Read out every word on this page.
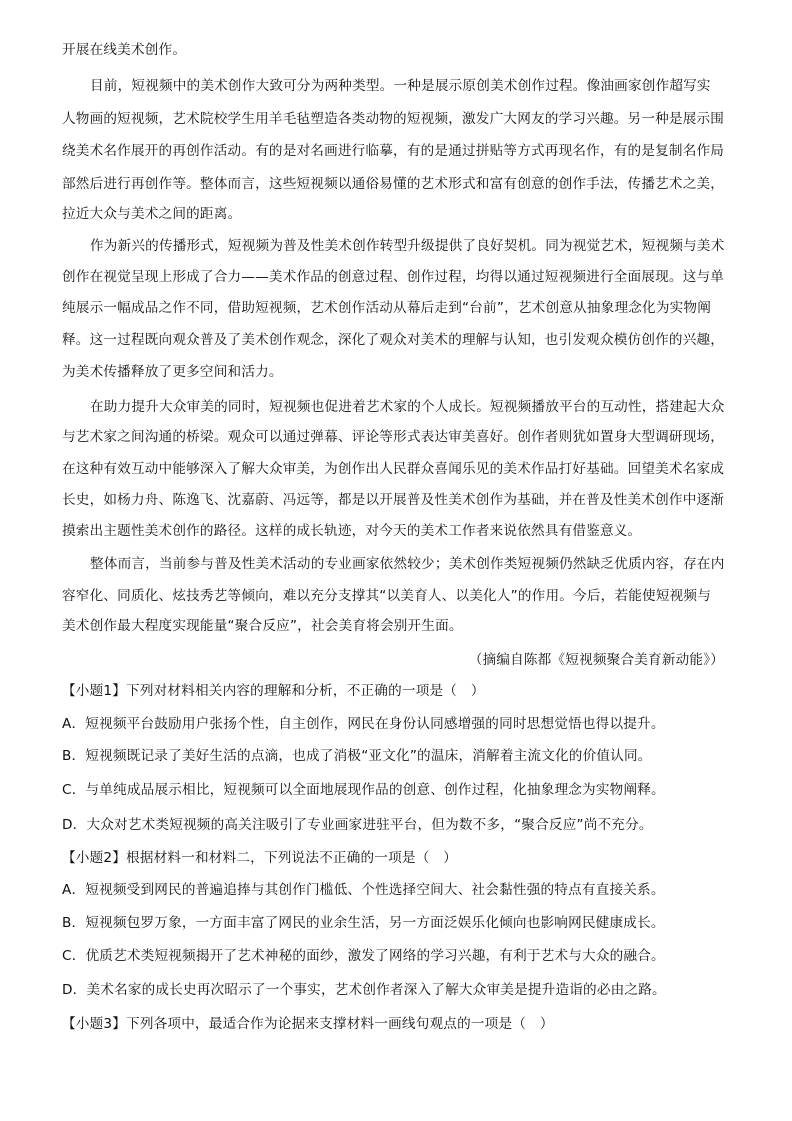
开展在线美术创作。
目前，短视频中的美术创作大致可分为两种类型。一种是展示原创美术创作过程。像油画家创作超写实
人物画的短视频，艺术院校学生用羊毛毡塑造各类动物的短视频，激发广大网友的学习兴趣。另一种是展示围
绕美术名作展开的再创作活动。有的是对名画进行临摹，有的是通过拼贴等方式再现名作，有的是复制名作局
部然后进行再创作等。整体而言，这些短视频以通俗易懂的艺术形式和富有创意的创作手法，传播艺术之美，
拉近大众与美术之间的距离。
作为新兴的传播形式，短视频为普及性美术创作转型升级提供了良好契机。同为视觉艺术，短视频与美术
创作在视觉呈现上形成了合力——美术作品的创意过程、创作过程，均得以通过短视频进行全面展现。这与单
纯展示一幅成品之作不同，借助短视频，艺术创作活动从幕后走到“台前”，艺术创意从抽象理念化为实物阐
释。这一过程既向观众普及了美术创作观念，深化了观众对美术的理解与认知，也引发观众模仿创作的兴趣，
为美术传播释放了更多空间和活力。
在助力提升大众审美的同时，短视频也促进着艺术家的个人成长。短视频播放平台的互动性，搭建起大众
与艺术家之间沟通的桥梁。观众可以通过弹幕、评论等形式表达审美喜好。创作者则犹如置身大型调研现场，
在这种有效互动中能够深入了解大众审美，为创作出人民群众喜闻乐见的美术作品打好基础。回望美术名家成
长史，如杨力舟、陈逸飞、沈嘉蔚、冯远等，都是以开展普及性美术创作为基础，并在普及性美术创作中逐渐
摸索出主题性美术创作的路径。这样的成长轨迹，对今天的美术工作者来说依然具有借鉴意义。
整体而言，当前参与普及性美术活动的专业画家依然较少；美术创作类短视频仍然缺乏优质内容，存在内
容窄化、同质化、炫技秀艺等倾向，难以充分支撑其“以美育人、以美化人”的作用。今后，若能使短视频与
美术创作最大程度实现能量“聚合反应”，社会美育将会别开生面。
（摘编自陈都《短视频聚合美育新动能》）
【小题1】下列对材料相关内容的理解和分析，不正确的一项是（　）
A．短视频平台鼓励用户张扬个性，自主创作，网民在身份认同感增强的同时思想觉悟也得以提升。
B．短视频既记录了美好生活的点滴，也成了消极“亚文化”的温床，消解着主流文化的价值认同。
C．与单纯成品展示相比，短视频可以全面地展现作品的创意、创作过程，化抽象理念为实物阐释。
D．大众对艺术类短视频的高关注吸引了专业画家进驻平台，但为数不多，“聚合反应”尚不充分。
【小题2】根据材料一和材料二，下列说法不正确的一项是（　）
A．短视频受到网民的普遍追捧与其创作门槛低、个性选择空间大、社会黏性强的特点有直接关系。
B．短视频包罗万象，一方面丰富了网民的业余生活，另一方面泛娱乐化倾向也影响网民健康成长。
C．优质艺术类短视频揭开了艺术神秘的面纱，激发了网络的学习兴趣，有利于艺术与大众的融合。
D．美术名家的成长史再次昭示了一个事实，艺术创作者深入了解大众审美是提升造诣的必由之路。
【小题3】下列各项中，最适合作为论据来支撑材料一画线句观点的一项是（　）
